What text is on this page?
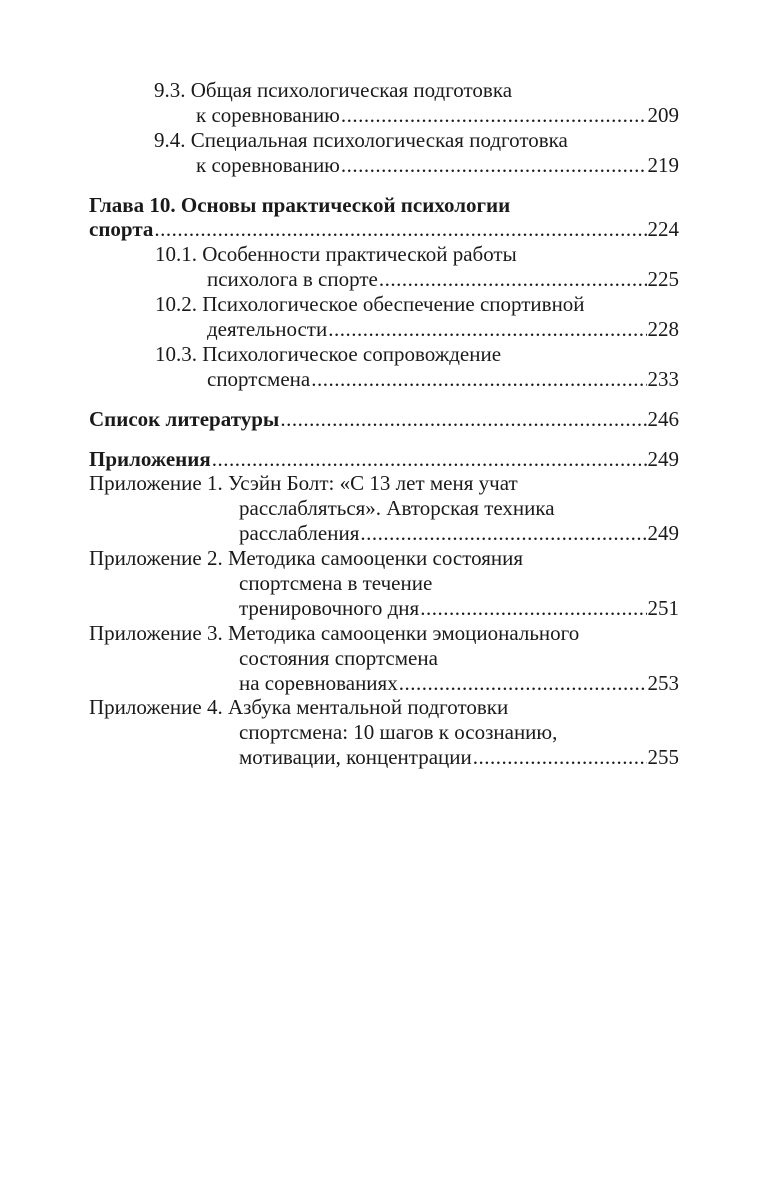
9.3. Общая психологическая подготовка
к соревнованию .....	209
9.4. Специальная психологическая подготовка
к соревнованию .....	219
Глава 10. Основы практической психологии
спорта .....	224
10.1. Особенности практической работы
психолога в спорте .....	225
10.2. Психологическое обеспечение спортивной
деятельности .....	228
10.3. Психологическое сопровождение
спортсмена .....	233
Список литературы .....	246
Приложения .....	249
Приложение 1. Усэйн Болт: «С 13 лет меня учат
расслабляться». Авторская техника
расслабления .....	249
Приложение 2. Методика самооценки состояния
спортсмена в течение
тренировочного дня .....	251
Приложение 3. Методика самооценки эмоционального
состояния спортсмена
на соревнованиях .....	253
Приложение 4. Азбука ментальной подготовки
спортсмена: 10 шагов к осознанию,
мотивации, концентрации .....	255
